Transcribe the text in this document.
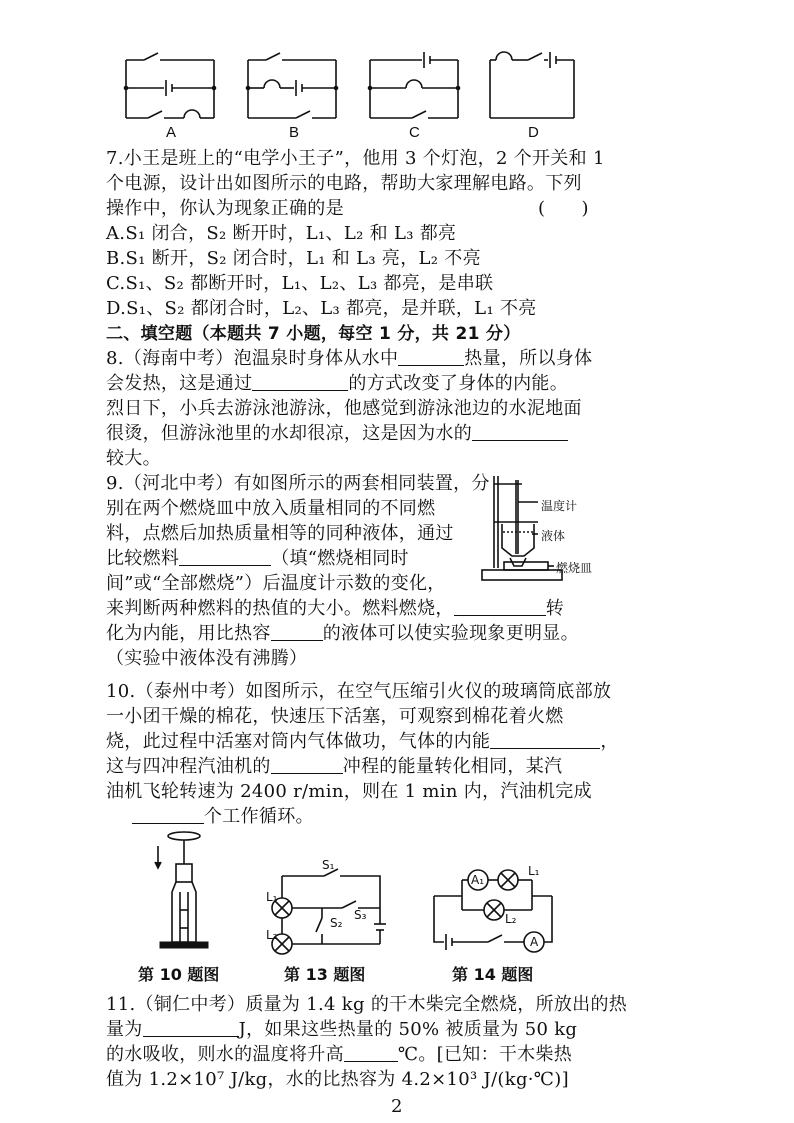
A	B	C	D
7.小王是班上的“电学小王子”，他用 3 个灯泡，2 个开关和 1
个电源，设计出如图所示的电路，帮助大家理解电路。下列
操作中，你认为现象正确的是	(      )
A.S₁ 闭合，S₂ 断开时，L₁、L₂ 和 L₃ 都亮
B.S₁ 断开，S₂ 闭合时，L₁ 和 L₃ 亮，L₂ 不亮
C.S₁、S₂ 都断开时，L₁、L₂、L₃ 都亮，是串联
D.S₁、S₂ 都闭合时，L₂、L₃ 都亮，是并联，L₁ 不亮
二、填空题（本题共 7 小题，每空 1 分，共 21 分）
8.（海南中考）泡温泉时身体从水中	热量，所以身体
会发热，这是通过	的方式改变了身体的内能。
烈日下，小兵去游泳池游泳，他感觉到游泳池边的水泥地面
很烫，但游泳池里的水却很凉，这是因为水的
较大。
9.（河北中考）有如图所示的两套相同装置，分
别在两个燃烧皿中放入质量相同的不同燃
料，点燃后加热质量相等的同种液体，通过
比较燃料	（填“燃烧相同时
间”或“全部燃烧”）后温度计示数的变化，
来判断两种燃料的热值的大小。燃料燃烧，	转
化为内能，用比热容	的液体可以使实验现象更明显。
（实验中液体没有沸腾）
温度计
液体
燃烧皿
10.（泰州中考）如图所示，在空气压缩引火仪的玻璃筒底部放
一小团干燥的棉花，快速压下活塞，可观察到棉花着火燃
烧，此过程中活塞对筒内气体做功，气体的内能	，
这与四冲程汽油机的	冲程的能量转化相同，某汽
油机飞轮转速为 2400 r/min，则在 1 min 内，汽油机完成
个工作循环。
S₁
L₁
L₂
S₂
S₃
A₁
L₁
L₂
A
第 10 题图	第 13 题图	第 14 题图
11.（铜仁中考）质量为 1.4 kg 的干木柴完全燃烧，所放出的热
量为	J，如果这些热量的 50% 被质量为 50 kg
的水吸收，则水的温度将升高	℃。[已知：干木柴热
值为 1.2×10⁷ J/kg，水的比热容为 4.2×10³ J/(kg·℃)]
2
